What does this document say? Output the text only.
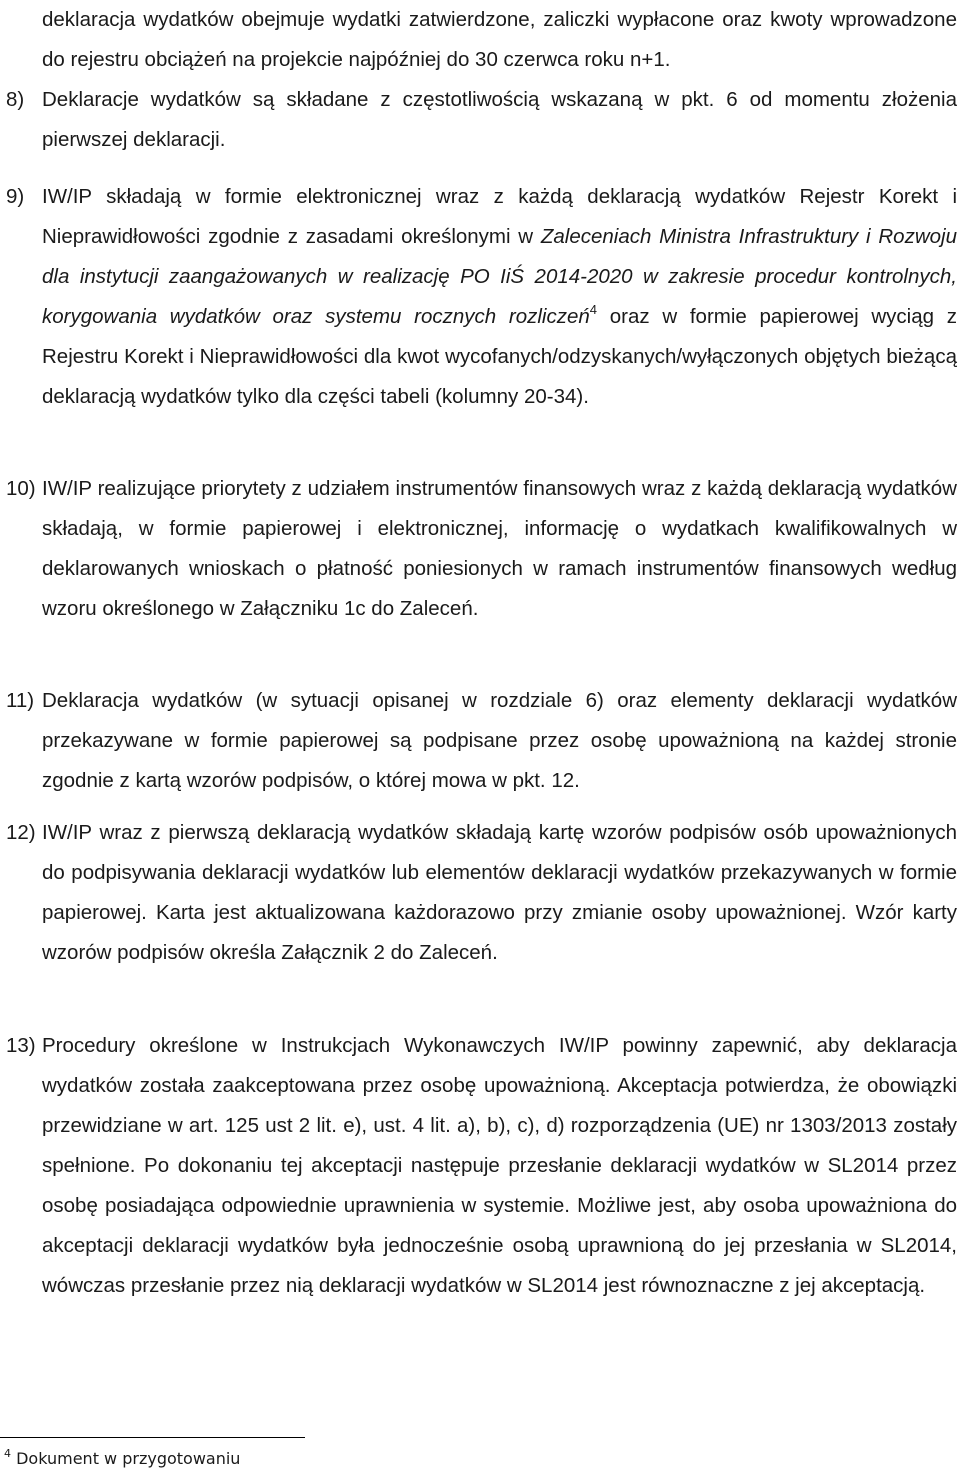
deklaracja wydatków obejmuje wydatki zatwierdzone, zaliczki wypłacone oraz kwoty wprowadzone do rejestru obciążeń na projekcie najpóźniej do 30 czerwca roku n+1.

8) Deklaracje wydatków są składane z częstotliwością wskazaną w pkt. 6 od momentu złożenia pierwszej deklaracji.

9) IW/IP składają w formie elektronicznej wraz z każdą deklaracją wydatków Rejestr Korekt i Nieprawidłowości zgodnie z zasadami określonymi w Zaleceniach Ministra Infrastruktury i Rozwoju dla instytucji zaangażowanych w realizację PO IiŚ 2014-2020 w zakresie procedur kontrolnych, korygowania wydatków oraz systemu rocznych rozliczeń$^4$ oraz w formie papierowej wyciąg z Rejestru Korekt i Nieprawidłowości dla kwot wycofanych/odzyskanych/wyłączonych objętych bieżącą deklaracją wydatków tylko dla części tabeli (kolumny 20-34).

10) IW/IP realizujące priorytety z udziałem instrumentów finansowych wraz z każdą deklaracją wydatków składają, w formie papierowej i elektronicznej, informację o wydatkach kwalifikowalnych w deklarowanych wnioskach o płatność poniesionych w ramach instrumentów finansowych według wzoru określonego w Załączniku 1c do Zaleceń.

11) Deklaracja wydatków (w sytuacji opisanej w rozdziale 6) oraz elementy deklaracji wydatków przekazywane w formie papierowej są podpisane przez osobę upoważnioną na każdej stronie zgodnie z kartą wzorów podpisów, o której mowa w pkt. 12.

12) IW/IP wraz z pierwszą deklaracją wydatków składają kartę wzorów podpisów osób upoważnionych do podpisywania deklaracji wydatków lub elementów deklaracji wydatków przekazywanych w formie papierowej. Karta jest aktualizowana każdorazowo przy zmianie osoby upoważnionej. Wzór karty wzorów podpisów określa Załącznik 2 do Zaleceń.

13) Procedury określone w Instrukcjach Wykonawczych IW/IP powinny zapewnić, aby deklaracja wydatków została zaakceptowana przez osobę upoważnioną. Akceptacja potwierdza, że obowiązki przewidziane w art. 125 ust 2 lit. e), ust. 4 lit. a), b), c), d) rozporządzenia (UE) nr 1303/2013 zostały spełnione. Po dokonaniu tej akceptacji następuje przesłanie deklaracji wydatków w SL2014 przez osobę posiadająca odpowiednie uprawnienia w systemie. Możliwe jest, aby osoba upoważniona do akceptacji deklaracji wydatków była jednocześnie osobą uprawnioną do jej przesłania w SL2014, wówczas przesłanie przez nią deklaracji wydatków w SL2014 jest równoznaczne z jej akceptacją.

$^4$ Dokument w przygotowaniu
